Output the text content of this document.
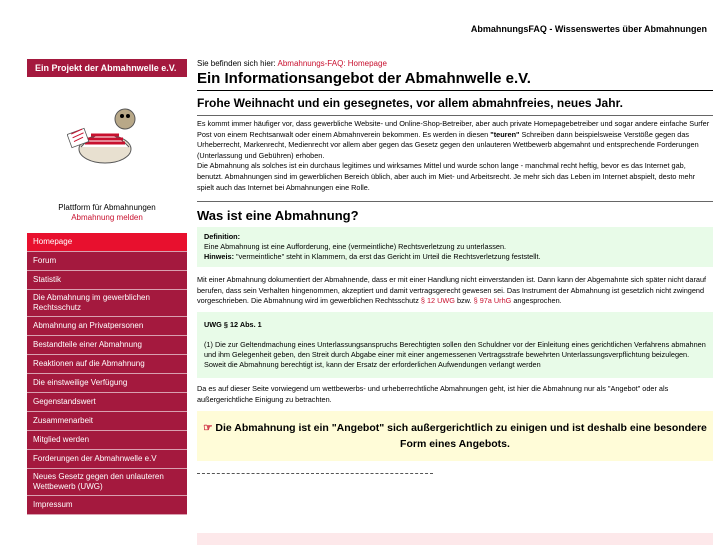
AbmahnungsFAQ - Wissenswertes über Abmahnungen
Ein Projekt der Abmahnwelle e.V.
Plattform für Abmahnungen
Abmahnung melden
Homepage
Forum
Statistik
Die Abmahnung im gewerblichen Rechtsschutz
Abmahnung an Privatpersonen
Bestandteile einer Abmahnung
Reaktionen auf die Abmahnung
Die einstweilige Verfügung
Gegenstandswert
Zusammenarbeit
Mitglied werden
Forderungen der Abmahnwelle e.V
Neues Gesetz gegen den unlauteren Wettbewerb (UWG)
Impressum
Sie befinden sich hier: Abmahnungs-FAQ: Homepage
Ein Informationsangebot der Abmahnwelle e.V.
Frohe Weihnacht und ein gesegnetes, vor allem abmahnfreies, neues Jahr.

Es kommt immer häufiger vor, dass gewerbliche Website- und Online-Shop-Betreiber, aber auch private Homepagebetreiber und sogar andere einfache Surfer Post von einem Rechtsanwalt oder einem Abmahnverein bekommen. Es werden in diesen "teuren" Schreiben dann beispielsweise Verstöße gegen das Urheberrecht, Markenrecht, Medienrecht vor allem aber gegen das Gesetz gegen den unlauteren Wettbewerb abgemahnt und entsprechende Forderungen (Unterlassung und Gebühren) erhoben.

Die Abmahnung als solches ist ein durchaus legitimes und wirksames Mittel und wurde schon lange - manchmal recht heftig, bevor es das Internet gab, benutzt. Abmahnungen sind im gewerblichen Bereich üblich, aber auch im Miet- und Arbeitsrecht. Je mehr sich das Leben im Internet abspielt, desto mehr spielt auch das Internet bei Abmahnungen eine Rolle.

Was ist eine Abmahnung?

Definition:

Eine Abmahnung ist eine Aufforderung, eine (vermeintliche) Rechtsverletzung zu unterlassen.

Hinweis: "vermeintliche" steht in Klammern, da erst das Gericht im Urteil die Rechtsverletzung feststellt.

Mit einer Abmahnung dokumentiert der Abmahnende, dass er mit einer Handlung nicht einverstanden ist. Dann kann der Abgemahnte sich später nicht darauf berufen, dass sein Verhalten hingenommen, akzeptiert und damit vertragsgerecht gewesen sei. Das Instrument der Abmahnung ist gesetzlich nicht zwingend vorgeschrieben. Die Abmahnung wird im gewerblichen Rechtsschutz § 12 UWG bzw. § 97a UrhG angesprochen.

UWG § 12 Abs. 1

(1) Die zur Geltendmachung eines Unterlassungsanspruchs Berechtigten sollen den Schuldner vor der Einleitung eines gerichtlichen Verfahrens abmahnen und ihm Gelegenheit geben, den Streit durch Abgabe einer mit einer angemessenen Vertragsstrafe bewehrten Unterlassungsverpflichtung beizulegen. Soweit die Abmahnung berechtigt ist, kann der Ersatz der erforderlichen Aufwendungen verlangt werden

Da es auf dieser Seite vorwiegend um wettbewerbs- und urheberrechtliche Abmahnungen geht, ist hier die Abmahnung nur als "Angebot" oder als außergerichtliche Einigung zu betrachten.

☞ Die Abmahnung ist ein "Angebot" sich außergerichtlich zu einigen und ist deshalb eine besondere Form eines Angebots.
